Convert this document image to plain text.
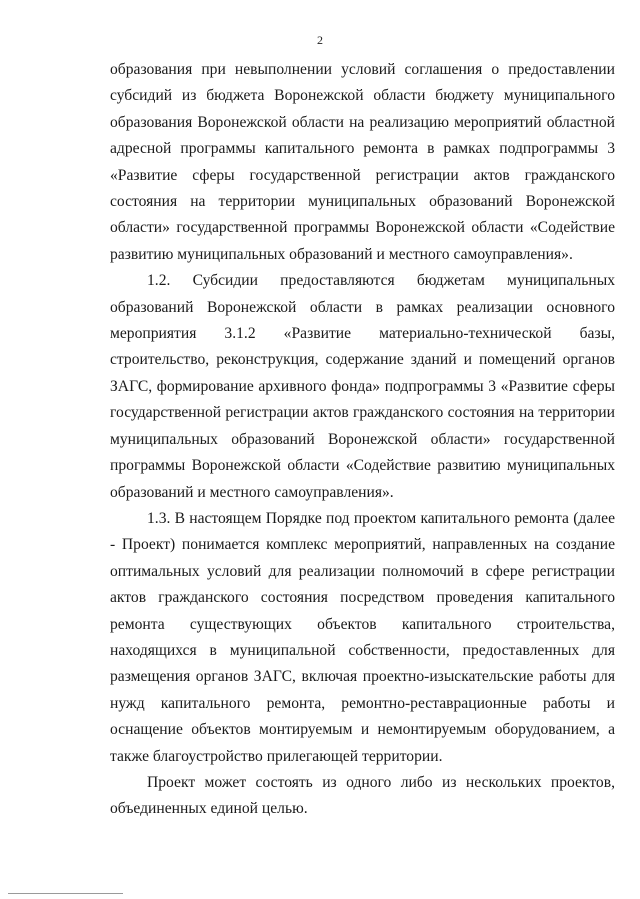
2

образования при невыполнении условий соглашения о предоставлении субсидий из бюджета Воронежской области бюджету муниципального образования Воронежской области на реализацию мероприятий областной адресной программы капитального ремонта в рамках подпрограммы 3 «Развитие сферы государственной регистрации актов гражданского состояния на территории муниципальных образований Воронежской области» государственной программы Воронежской области «Содействие развитию муниципальных образований и местного самоуправления».

1.2. Субсидии предоставляются бюджетам муниципальных образований Воронежской области в рамках реализации основного мероприятия 3.1.2 «Развитие материально-технической базы, строительство, реконструкция, содержание зданий и помещений органов ЗАГС, формирование архивного фонда» подпрограммы 3 «Развитие сферы государственной регистрации актов гражданского состояния на территории муниципальных образований Воронежской области» государственной программы Воронежской области «Содействие развитию муниципальных образований и местного самоуправления».

1.3. В настоящем Порядке под проектом капитального ремонта (далее - Проект) понимается комплекс мероприятий, направленных на создание оптимальных условий для реализации полномочий в сфере регистрации актов гражданского состояния посредством проведения капитального ремонта существующих объектов капитального строительства, находящихся в муниципальной собственности, предоставленных для размещения органов ЗАГС, включая проектно-изыскательские работы для нужд капитального ремонта, ремонтно-реставрационные работы и оснащение объектов монтируемым и немонтируемым оборудованием, а также благоустройство прилегающей территории.

Проект может состоять из одного либо из нескольких проектов, объединенных единой целью.
